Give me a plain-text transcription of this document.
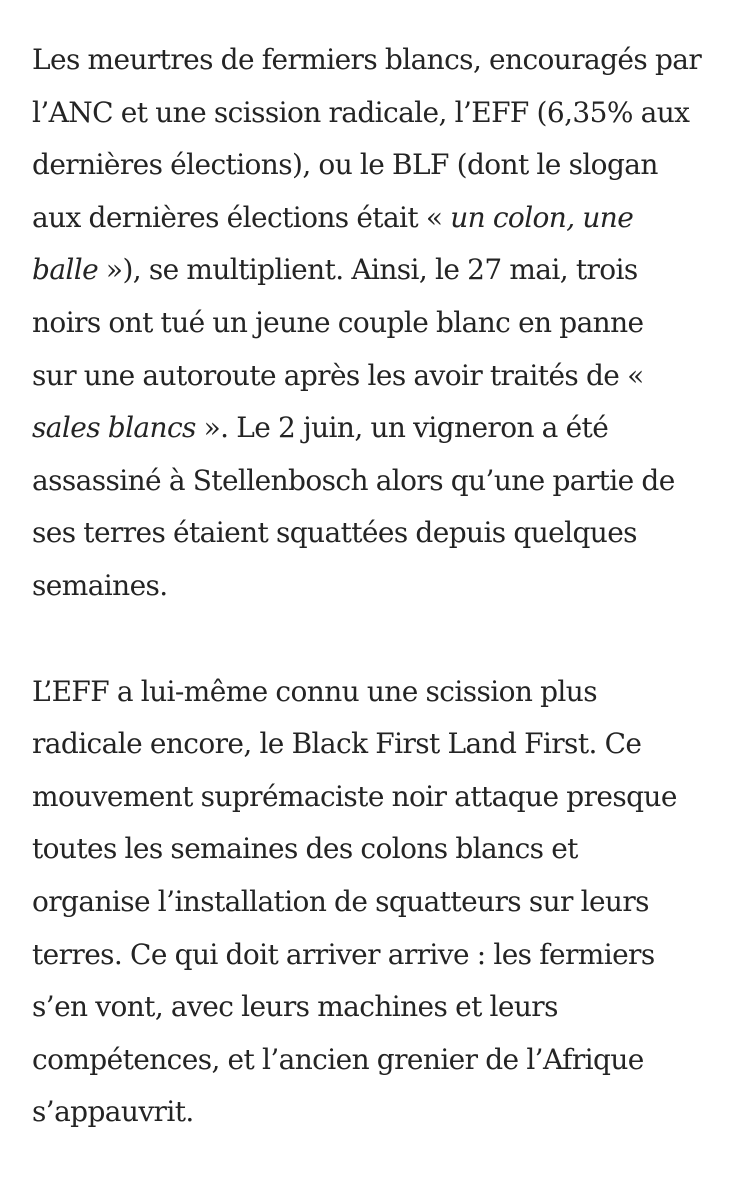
Les meurtres de fermiers blancs, encouragés par
l’ANC et une scission radicale, l’EFF (6,35% aux
dernières élections), ou le BLF (dont le slogan
aux dernières élections était « un colon, une
balle »), se multiplient. Ainsi, le 27 mai, trois
noirs ont tué un jeune couple blanc en panne
sur une autoroute après les avoir traités de «
sales blancs ». Le 2 juin, un vigneron a été
assassiné à Stellenbosch alors qu’une partie de
ses terres étaient squattées depuis quelques
semaines.

L’EFF a lui-même connu une scission plus
radicale encore, le Black First Land First. Ce
mouvement suprémaciste noir attaque presque
toutes les semaines des colons blancs et
organise l’installation de squatteurs sur leurs
terres. Ce qui doit arriver arrive : les fermiers
s’en vont, avec leurs machines et leurs
compétences, et l’ancien grenier de l’Afrique
s’appauvrit.
